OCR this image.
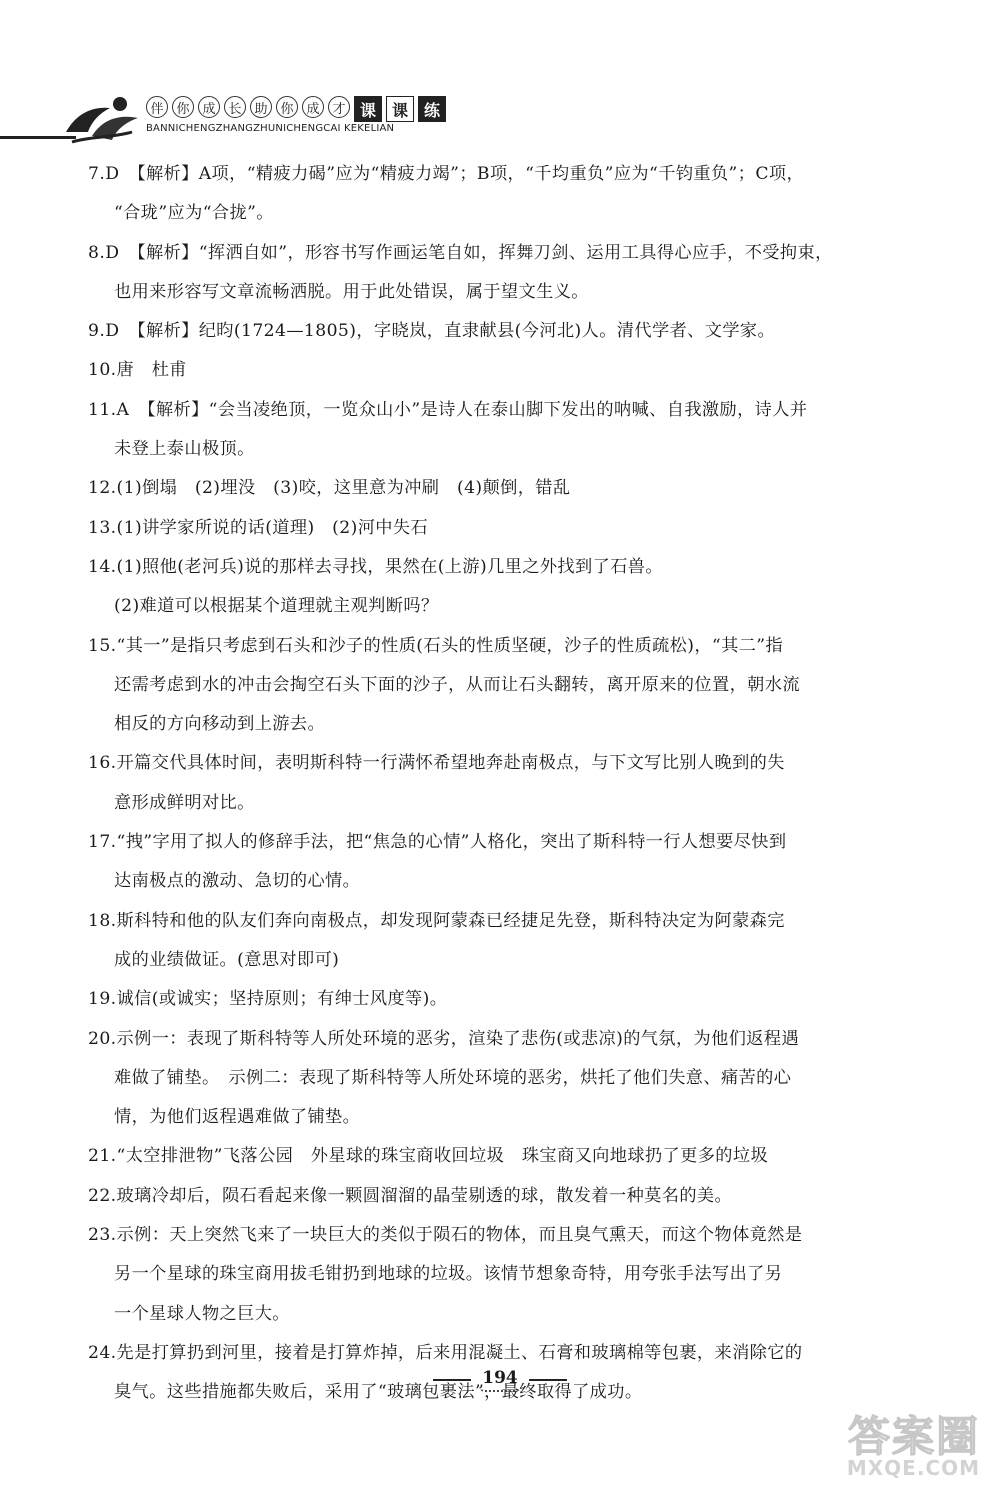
伴 你 成 长 助 你 成 才 课 课 练
BANNICHENGZHANGZHUNICHENGCAI KEKELIAN

7.D　【解析】A项，“精疲力碣”应为“精疲力竭”；B项，“千均重负”应为“千钧重负”；C项，

“合珑”应为“合拢”。

8.D　【解析】“挥洒自如”，形容书写作画运笔自如，挥舞刀剑、运用工具得心应手，不受拘束，

也用来形容写文章流畅洒脱。用于此处错误，属于望文生义。

9.D　【解析】纪昀(1724—1805)，字晓岚，直隶献县(今河北)人。清代学者、文学家。

10.唐　杜甫

11.A　【解析】“会当凌绝顶，一览众山小”是诗人在泰山脚下发出的呐喊、自我激励，诗人并

未登上泰山极顶。

12.(1)倒塌　(2)埋没　(3)咬，这里意为冲刷　(4)颠倒，错乱

13.(1)讲学家所说的话(道理)　(2)河中失石

14.(1)照他(老河兵)说的那样去寻找，果然在(上游)几里之外找到了石兽。

(2)难道可以根据某个道理就主观判断吗？

15.“其一”是指只考虑到石头和沙子的性质(石头的性质坚硬，沙子的性质疏松)，“其二”指

还需考虑到水的冲击会掏空石头下面的沙子，从而让石头翻转，离开原来的位置，朝水流

相反的方向移动到上游去。

16.开篇交代具体时间，表明斯科特一行满怀希望地奔赴南极点，与下文写比别人晚到的失

意形成鲜明对比。

17.“拽”字用了拟人的修辞手法，把“焦急的心情”人格化，突出了斯科特一行人想要尽快到

达南极点的激动、急切的心情。

18.斯科特和他的队友们奔向南极点，却发现阿蒙森已经捷足先登，斯科特决定为阿蒙森完

成的业绩做证。(意思对即可)

19.诚信(或诚实；坚持原则；有绅士风度等)。

20.示例一：表现了斯科特等人所处环境的恶劣，渲染了悲伤(或悲凉)的气氛，为他们返程遇

难做了铺垫。　示例二：表现了斯科特等人所处环境的恶劣，烘托了他们失意、痛苦的心

情，为他们返程遇难做了铺垫。

21.“太空排泄物”飞落公园　外星球的珠宝商收回垃圾　珠宝商又向地球扔了更多的垃圾

22.玻璃冷却后，陨石看起来像一颗圆溜溜的晶莹剔透的球，散发着一种莫名的美。

23.示例：天上突然飞来了一块巨大的类似于陨石的物体，而且臭气熏天，而这个物体竟然是

另一个星球的珠宝商用拔毛钳扔到地球的垃圾。该情节想象奇特，用夸张手法写出了另

一个星球人物之巨大。

24.先是打算扔到河里，接着是打算炸掉，后来用混凝土、石膏和玻璃棉等包裹，来消除它的

臭气。这些措施都失败后，采用了“玻璃包裹法”，最终取得了成功。

194
答案圈
MXQE.COM
